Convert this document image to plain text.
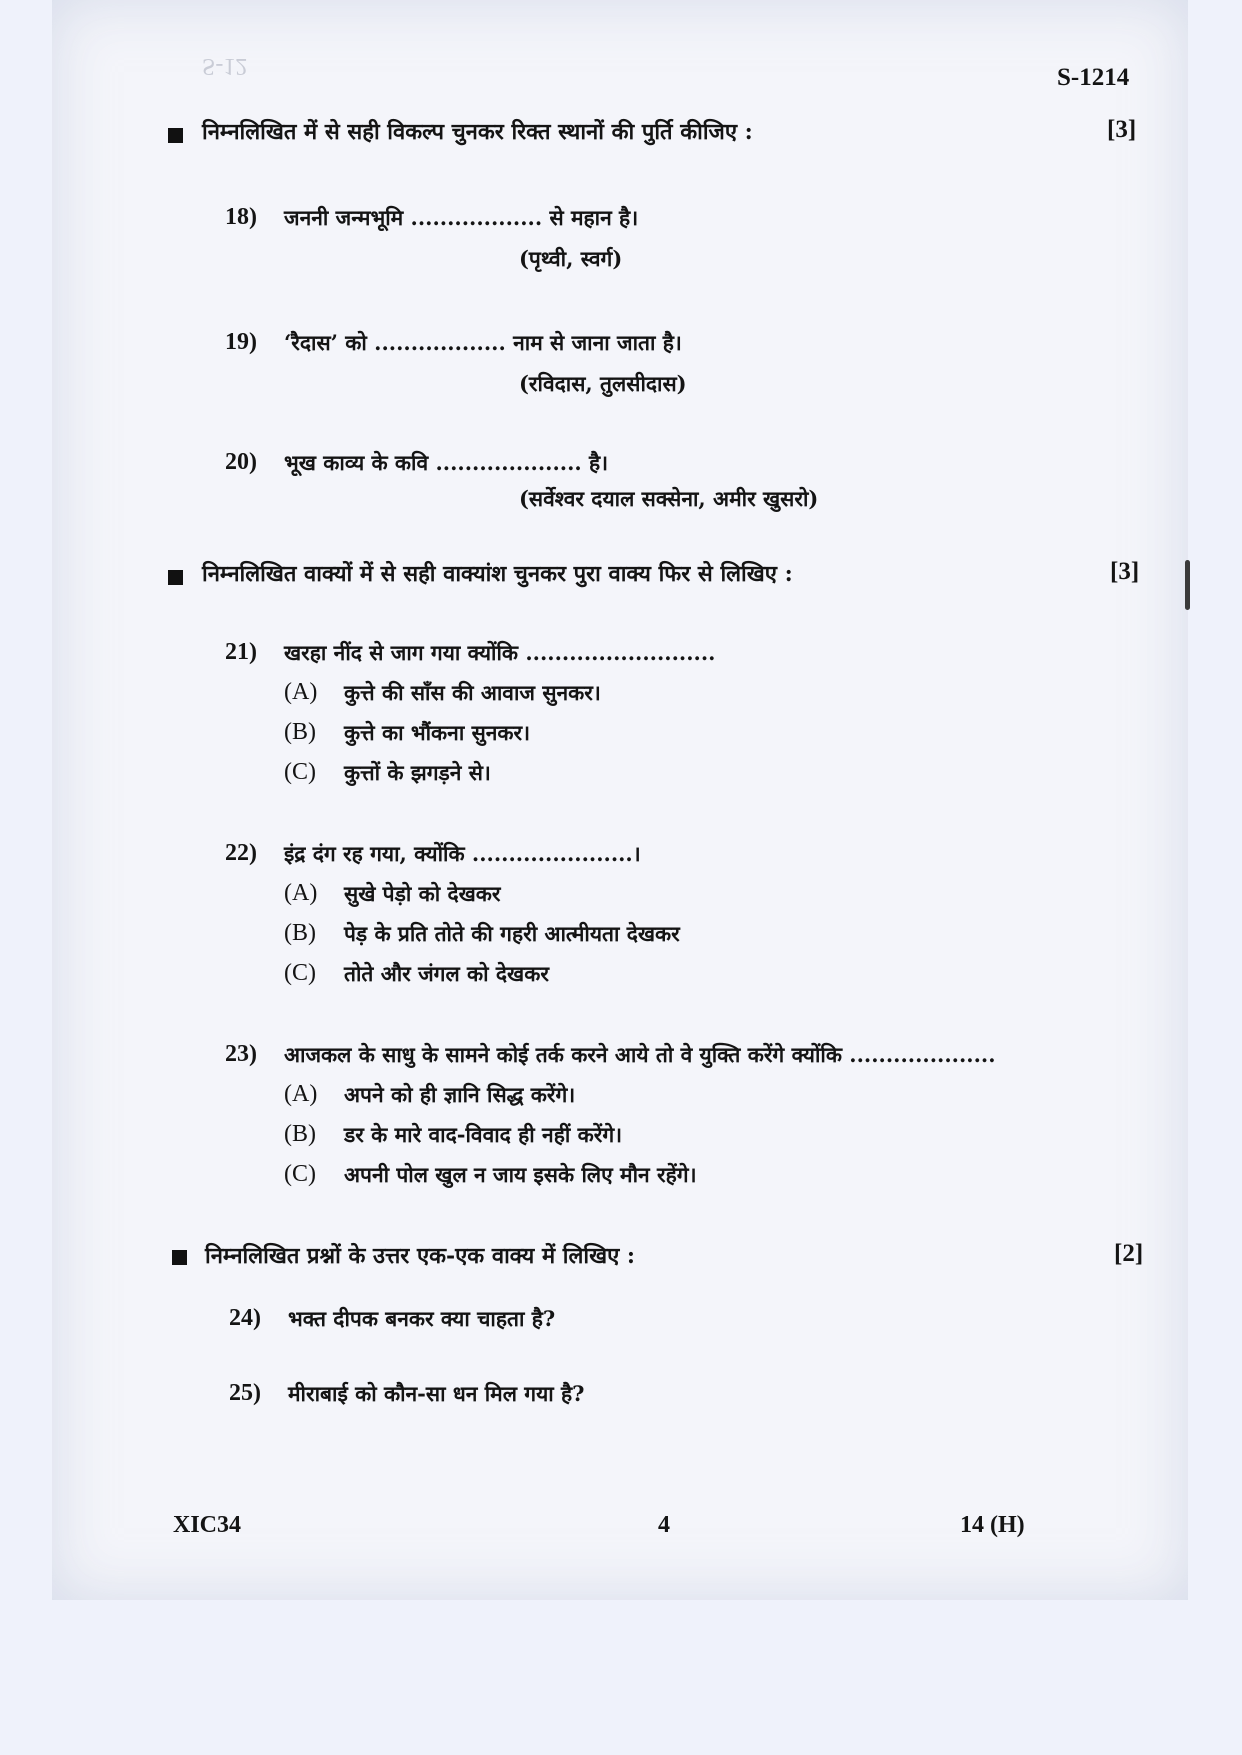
S-12	S-1214
निम्नलिखित में से सही विकल्प चुनकर रिक्त स्थानों की पुर्ति कीजिए :	[3]
18) जननी जन्मभूमि .................. से महान है।
(पृथ्वी, स्वर्ग)
19) ‘रैदास’ को .................. नाम से जाना जाता है।
(रविदास, तुलसीदास)
20) भूख काव्य के कवि .................... है।
(सर्वेश्वर दयाल सक्सेना, अमीर खुसरो)
निम्नलिखित वाक्यों में से सही वाक्यांश चुनकर पुरा वाक्य फिर से लिखिए :	[3]
21) खरहा नींद से जाग गया क्योंकि ..........................
(A) कुत्ते की साँस की आवाज सुनकर।
(B) कुत्ते का भौंकना सुनकर।
(C) कुत्तों के झगड़ने से।
22) इंद्र दंग रह गया, क्योंकि ......................।
(A) सुखे पेड़ो को देखकर
(B) पेड़ के प्रति तोते की गहरी आत्मीयता देखकर
(C) तोते और जंगल को देखकर
23) आजकल के साधु के सामने कोई तर्क करने आये तो वे युक्ति करेंगे क्योंकि ....................
(A) अपने को ही ज्ञानि सिद्ध करेंगे।
(B) डर के मारे वाद-विवाद ही नहीं करेंगे।
(C) अपनी पोल खुल न जाय इसके लिए मौन रहेंगे।
निम्नलिखित प्रश्नों के उत्तर एक-एक वाक्य में लिखिए :	[2]
24) भक्त दीपक बनकर क्या चाहता है?
25) मीराबाई को कौन-सा धन मिल गया है?
XIC34	4	14 (H)
